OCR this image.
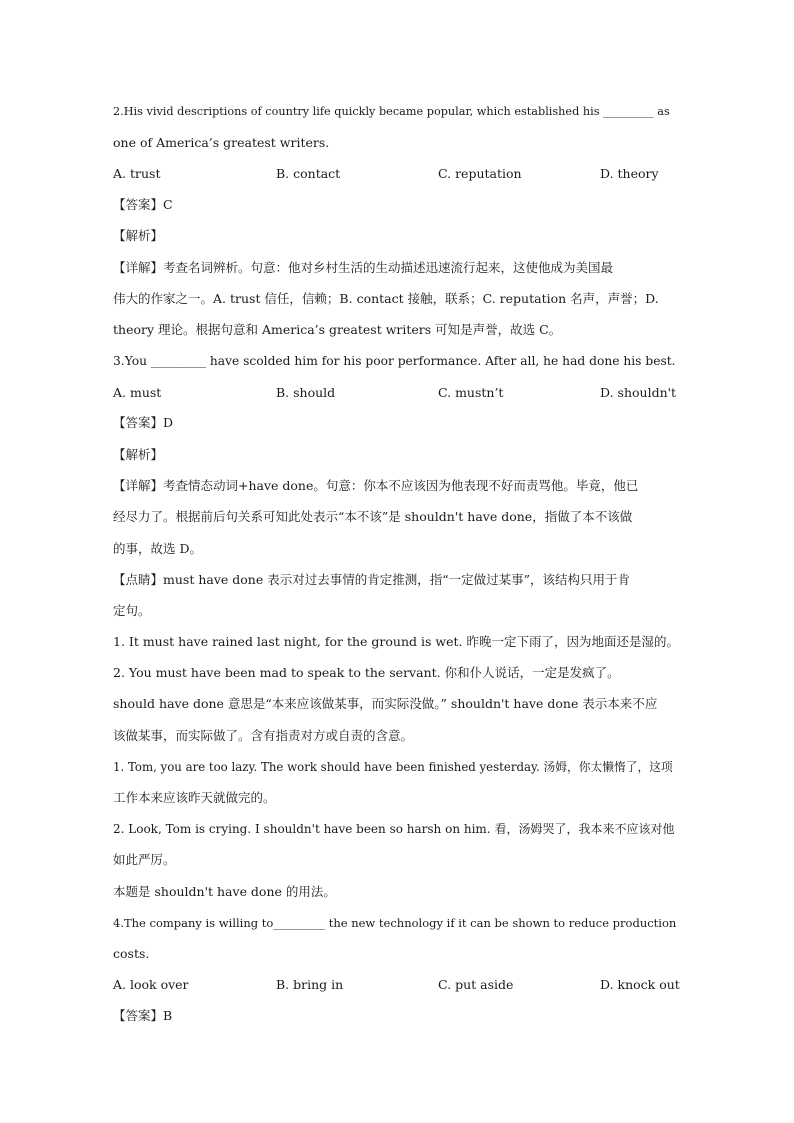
2.His vivid descriptions of country life quickly became popular, which established his _________ as
one of America’s greatest writers.
A. trust	B. contact	C. reputation	D. theory
【答案】C
【解析】
【详解】考查名词辨析。句意：他对乡村生活的生动描述迅速流行起来，这使他成为美国最
伟大的作家之一。A. trust 信任，信赖；B. contact 接触，联系；C. reputation 名声，声誉；D.
theory 理论。根据句意和 America’s greatest writers 可知是声誉，故选 C。
3.You _________ have scolded him for his poor performance. After all, he had done his best.
A. must	B. should	C. mustn’t	D. shouldn't
【答案】D
【解析】
【详解】考查情态动词+have done。句意：你本不应该因为他表现不好而责骂他。毕竟，他已
经尽力了。根据前后句关系可知此处表示“本不该”是 shouldn't have done，指做了本不该做
的事，故选 D。
【点睛】must have done 表示对过去事情的肯定推测，指“一定做过某事”，该结构只用于肯
定句。
1. It must have rained last night, for the ground is wet. 昨晚一定下雨了，因为地面还是湿的。
2. You must have been mad to speak to the servant. 你和仆人说话，一定是发疯了。
should have done 意思是“本来应该做某事，而实际没做。” shouldn't have done 表示本来不应
该做某事，而实际做了。含有指责对方或自责的含意。
1. Tom, you are too lazy. The work should have been finished yesterday. 汤姆，你太懒惰了，这项
工作本来应该昨天就做完的。
2. Look, Tom is crying. I shouldn't have been so harsh on him. 看，汤姆哭了，我本来不应该对他
如此严厉。
本题是 shouldn't have done 的用法。
4.The company is willing to_________ the new technology if it can be shown to reduce production
costs.
A. look over	B. bring in	C. put aside	D. knock out
【答案】B
